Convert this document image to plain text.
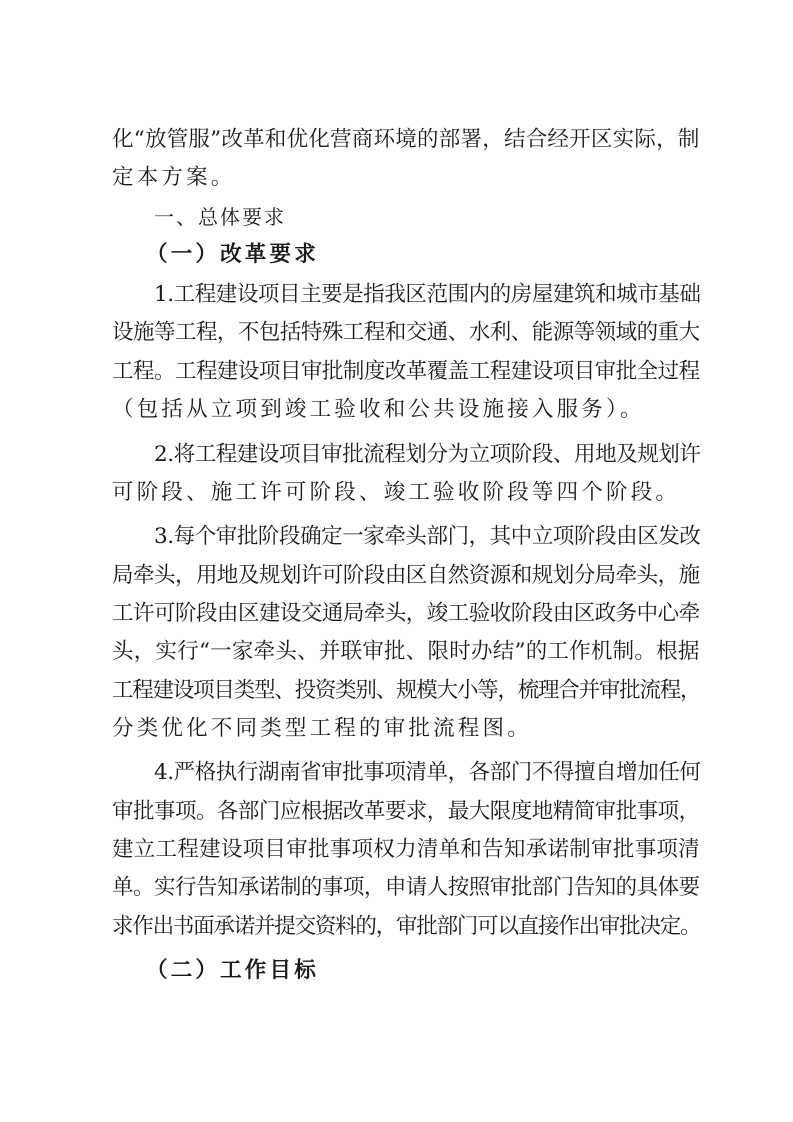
化“放管服”改革和优化营商环境的部署，结合经开区实际，制
定本方案。
一、总体要求
（一）改革要求
1.工程建设项目主要是指我区范围内的房屋建筑和城市基础
设施等工程，不包括特殊工程和交通、水利、能源等领域的重大
工程。工程建设项目审批制度改革覆盖工程建设项目审批全过程
（包括从立项到竣工验收和公共设施接入服务）。
2.将工程建设项目审批流程划分为立项阶段、用地及规划许
可阶段、施工许可阶段、竣工验收阶段等四个阶段。
3.每个审批阶段确定一家牵头部门，其中立项阶段由区发改
局牵头，用地及规划许可阶段由区自然资源和规划分局牵头，施
工许可阶段由区建设交通局牵头，竣工验收阶段由区政务中心牵
头，实行“一家牵头、并联审批、限时办结”的工作机制。根据
工程建设项目类型、投资类别、规模大小等，梳理合并审批流程，
分类优化不同类型工程的审批流程图。
4.严格执行湖南省审批事项清单，各部门不得擅自增加任何
审批事项。各部门应根据改革要求，最大限度地精简审批事项，
建立工程建设项目审批事项权力清单和告知承诺制审批事项清
单。实行告知承诺制的事项，申请人按照审批部门告知的具体要
求作出书面承诺并提交资料的，审批部门可以直接作出审批决定。
（二）工作目标
